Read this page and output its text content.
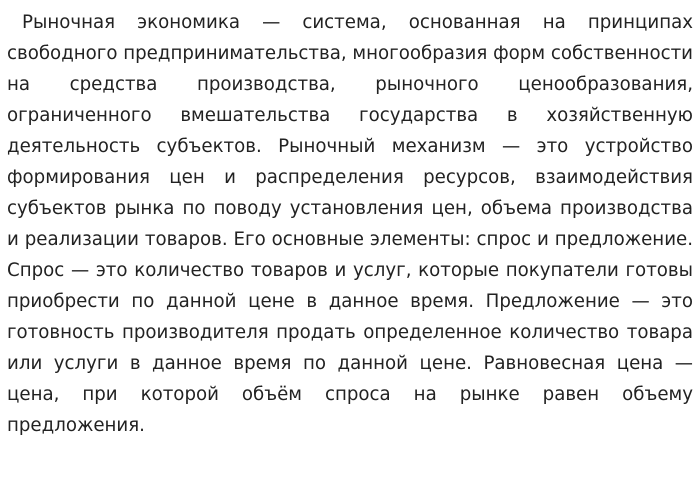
Рыночная экономика — система, основанная на принципах свободного предпринимательства, многообразия форм собственности на средства производства, рыночного ценообразования, ограниченного вмешательства государства в хозяйственную деятельность субъектов. Рыночный механизм — это устройство формирования цен и распределения ресурсов, взаимодействия субъектов рынка по поводу установления цен, объема производства и реализации товаров. Его основные элементы: спрос и предложение. Спрос — это количество товаров и услуг, которые покупатели готовы приобрести по данной цене в данное время. Предложение — это готовность производителя продать определенное количество товара или услуги в данное время по данной цене. Равновесная цена — цена, при которой объём спроса на рынке равен объему предложения.
